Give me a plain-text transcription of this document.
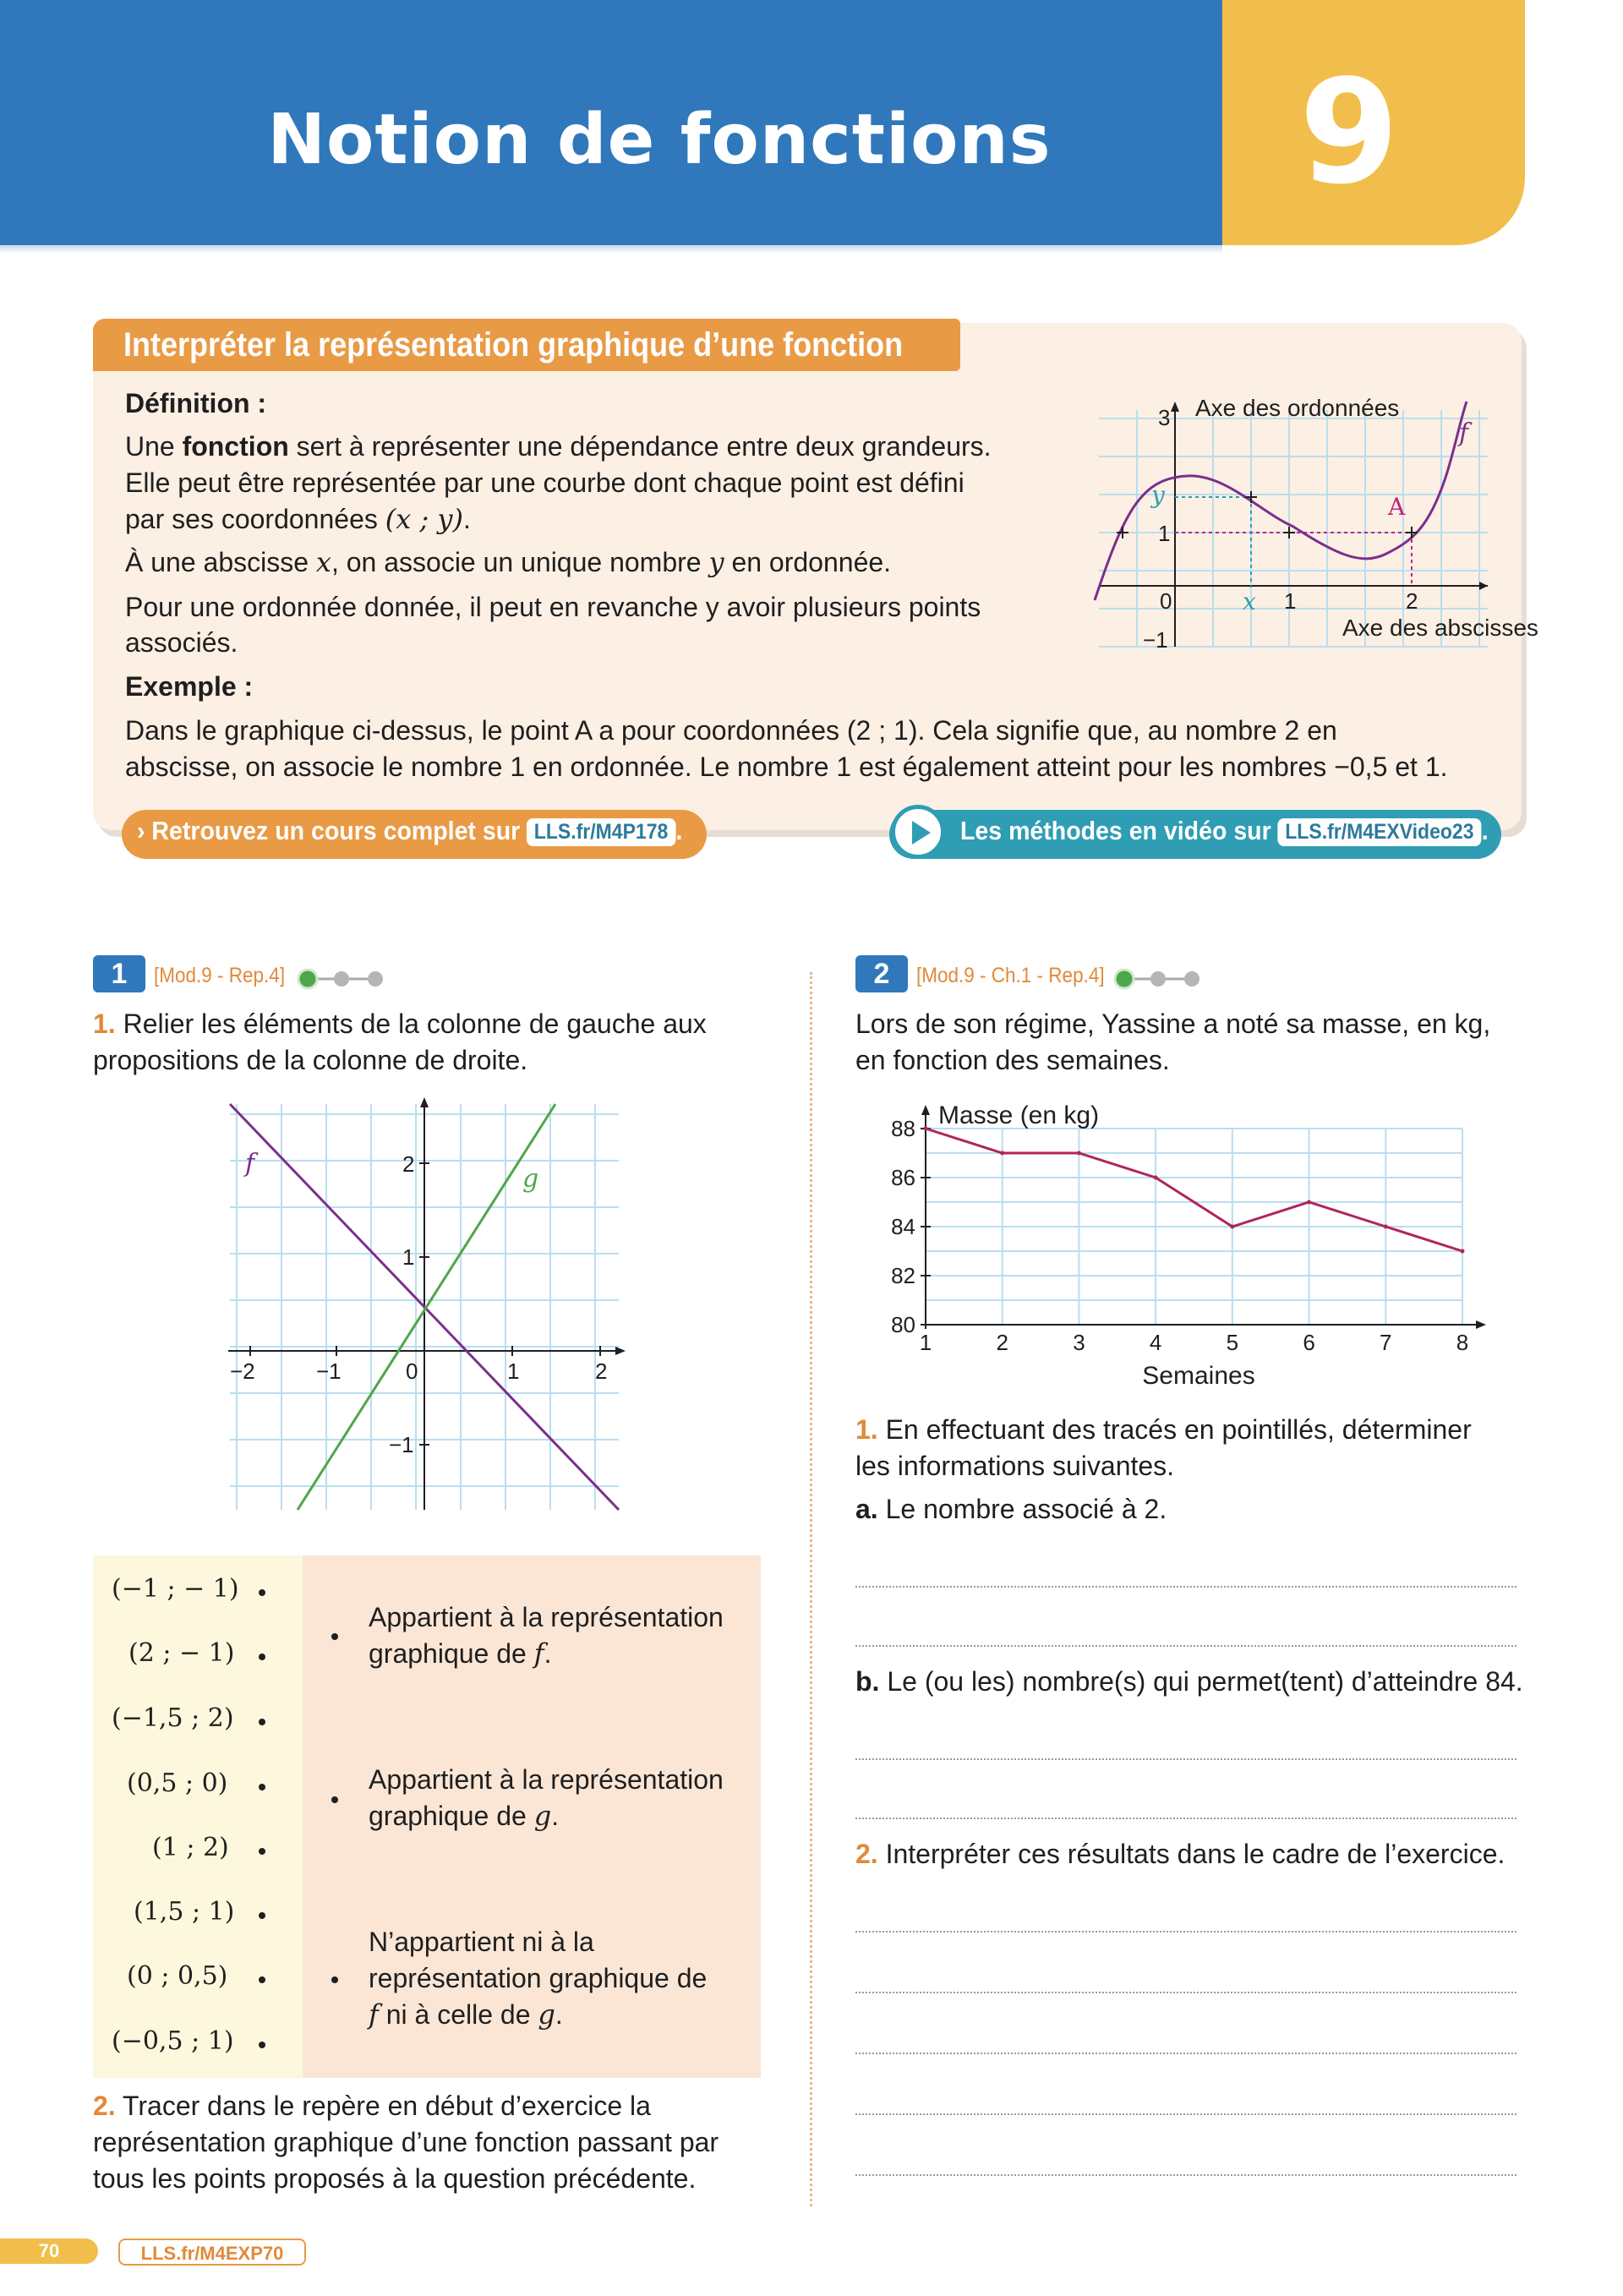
Notion de fonctions	9
Interpréter la représentation graphique d’une fonction
Définition :
Une fonction sert à représenter une dépendance entre deux grandeurs.
Elle peut être représentée par une courbe dont chaque point est défini
par ses coordonnées (x ; y).
À une abscisse x, on associe un unique nombre y en ordonnée.
Pour une ordonnée donnée, il peut en revanche y avoir plusieurs points
associés.
Exemple :
Dans le graphique ci-dessus, le point A a pour coordonnées (2 ; 1). Cela signifie que, au nombre 2 en
abscisse, on associe le nombre 1 en ordonnée. Le nombre 1 est également atteint pour les nombres −0,5 et 1.
Axe des ordonnées
Axe des abscisses
f
A
x
y
3
1
−1
0	1	2
› Retrouvez un cours complet sur LLS.fr/M4P178 .	Les méthodes en vidéo sur LLS.fr/M4EXVideo23 .
1	[Mod.9 - Rep.4]
1. Relier les éléments de la colonne de gauche aux
propositions de la colonne de droite.
f
g
−2	−1	0	1	2
2
1
−1
(−1 ; − 1)
(2 ; − 1)
(−1,5 ; 2)
(0,5 ; 0)
(1 ; 2)
(1,5 ; 1)
(0 ; 0,5)
(−0,5 ; 1)
Appartient à la représentation
graphique de f.
Appartient à la représentation
graphique de g.
N’appartient ni à la
représentation graphique de
f ni à celle de g.
2. Tracer dans le repère en début d’exercice la
représentation graphique d’une fonction passant par
tous les points proposés à la question précédente.
2	[Mod.9 - Ch.1 - Rep.4]
Lors de son régime, Yassine a noté sa masse, en kg,
en fonction des semaines.
1	2	3	4	5	6	7	8
80
82
84
86
88 Masse (en kg)
Semaines
1. En effectuant des tracés en pointillés, déterminer
les informations suivantes.
a. Le nombre associé à 2.
b. Le (ou les) nombre(s) qui permet(tent) d’atteindre 84.
2. Interpréter ces résultats dans le cadre de l’exercice.
70	LLS.fr/M4EXP70
